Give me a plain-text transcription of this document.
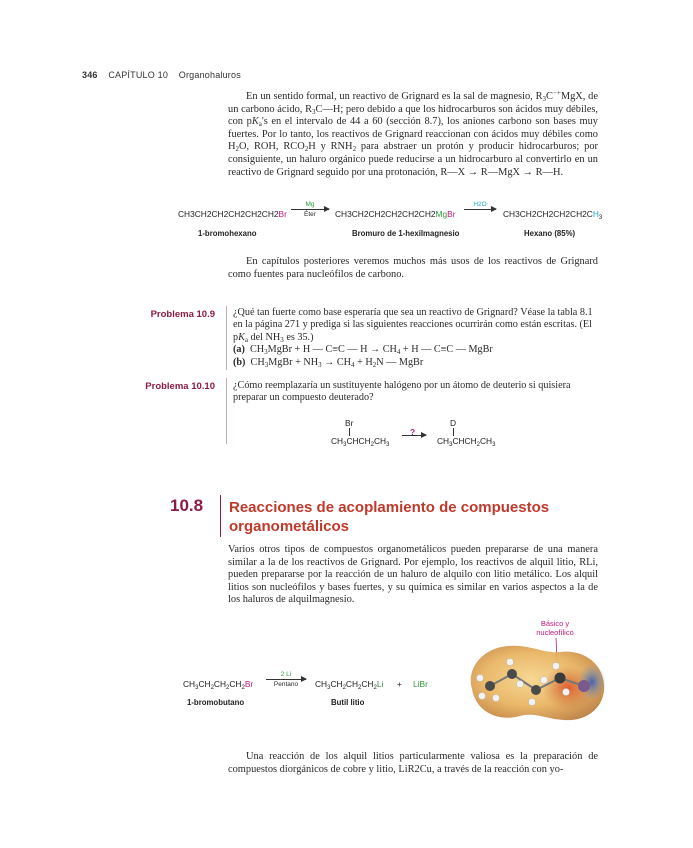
346 CAPÍTULO 10 Organohaluros

En un sentido formal, un reactivo de Grignard es la sal de magnesio, $R_3C^{-+}MgX$, de un carbono ácido, $R_3C—H$; pero debido a que los hidrocarburos son ácidos muy débiles, con $pK_a's$ en el intervalo de 44 a 60 (sección 8.7), los aniones carbono son bases muy fuertes. Por lo tanto, los reactivos de Grignard reaccionan con ácidos muy débiles como $H_2O$, ROH, $RCO_2H$ y $RNH_2$ para abstraer un protón y producir hidrocarburos; por consiguiente, un haluro orgánico puede reducirse a un hidrocarburo al convertirlo en un reactivo de Grignard seguido por una protonación, R—X → R—MgX → R—H.

CH3CH2CH2CH2CH2CH2Br
Mg
Éter	CH3CH2CH2CH2CH2CH2MgBr
H2O

$CH3CH2CH2CH2CH2CH_3$
1-bromohexano	Bromuro de 1-hexilmagnesio	Hexano (85%)

En capítulos posteriores veremos muchos más usos de los reactivos de Grignard como fuentes para nucleófilos de carbono.

Problema 10.9 ¿Qué tan fuerte como base esperaría que sea un reactivo de Grignard? Véase la tabla 8.1 en la página 271 y prediga si las siguientes reacciones ocurrirán como están escritas. (El $pK_a$ del $NH_3$ es 35.)

(a)  $CH_3MgBr + H$ — C≡C — $H \to CH_4 + H$ — C≡C — MgBr

(b)  $CH_3MgBr + NH_3 \to CH_4 + H_2N$ — MgBr

Problema 10.10 ¿Cómo reemplazaría un sustituyente halógeno por un átomo de deuterio si quisiera preparar un compuesto deuterado?

Br
$CH_3CHCH_2CH_3$
?
D
$CH_3CHCH_2CH_3$
10.8 Reacciones de acoplamiento de compuestos organometálicos

Varios otros tipos de compuestos organometálicos pueden prepararse de una manera similar a la de los reactivos de Grignard. Por ejemplo, los reactivos de alquil litio, RLi, pueden prepararse por la reacción de un haluro de alquilo con litio metálico. Los alquil litios son nucleófilos y bases fuertes, y su química es similar en varios aspectos a la de los haluros de alquilmagnesio.

$CH_3CH_2CH_2CH_2Br$
2 Li
Pentano	$CH_3CH_2CH_2CH_2Li$ + LiBr
1-bromobutano	Butil litio
Básico y
nucleofílico

Una reacción de los alquil litios particularmente valiosa es la preparación de compuestos diorgánicos de cobre y litio, LiR2Cu, a través de la reacción con yo-
